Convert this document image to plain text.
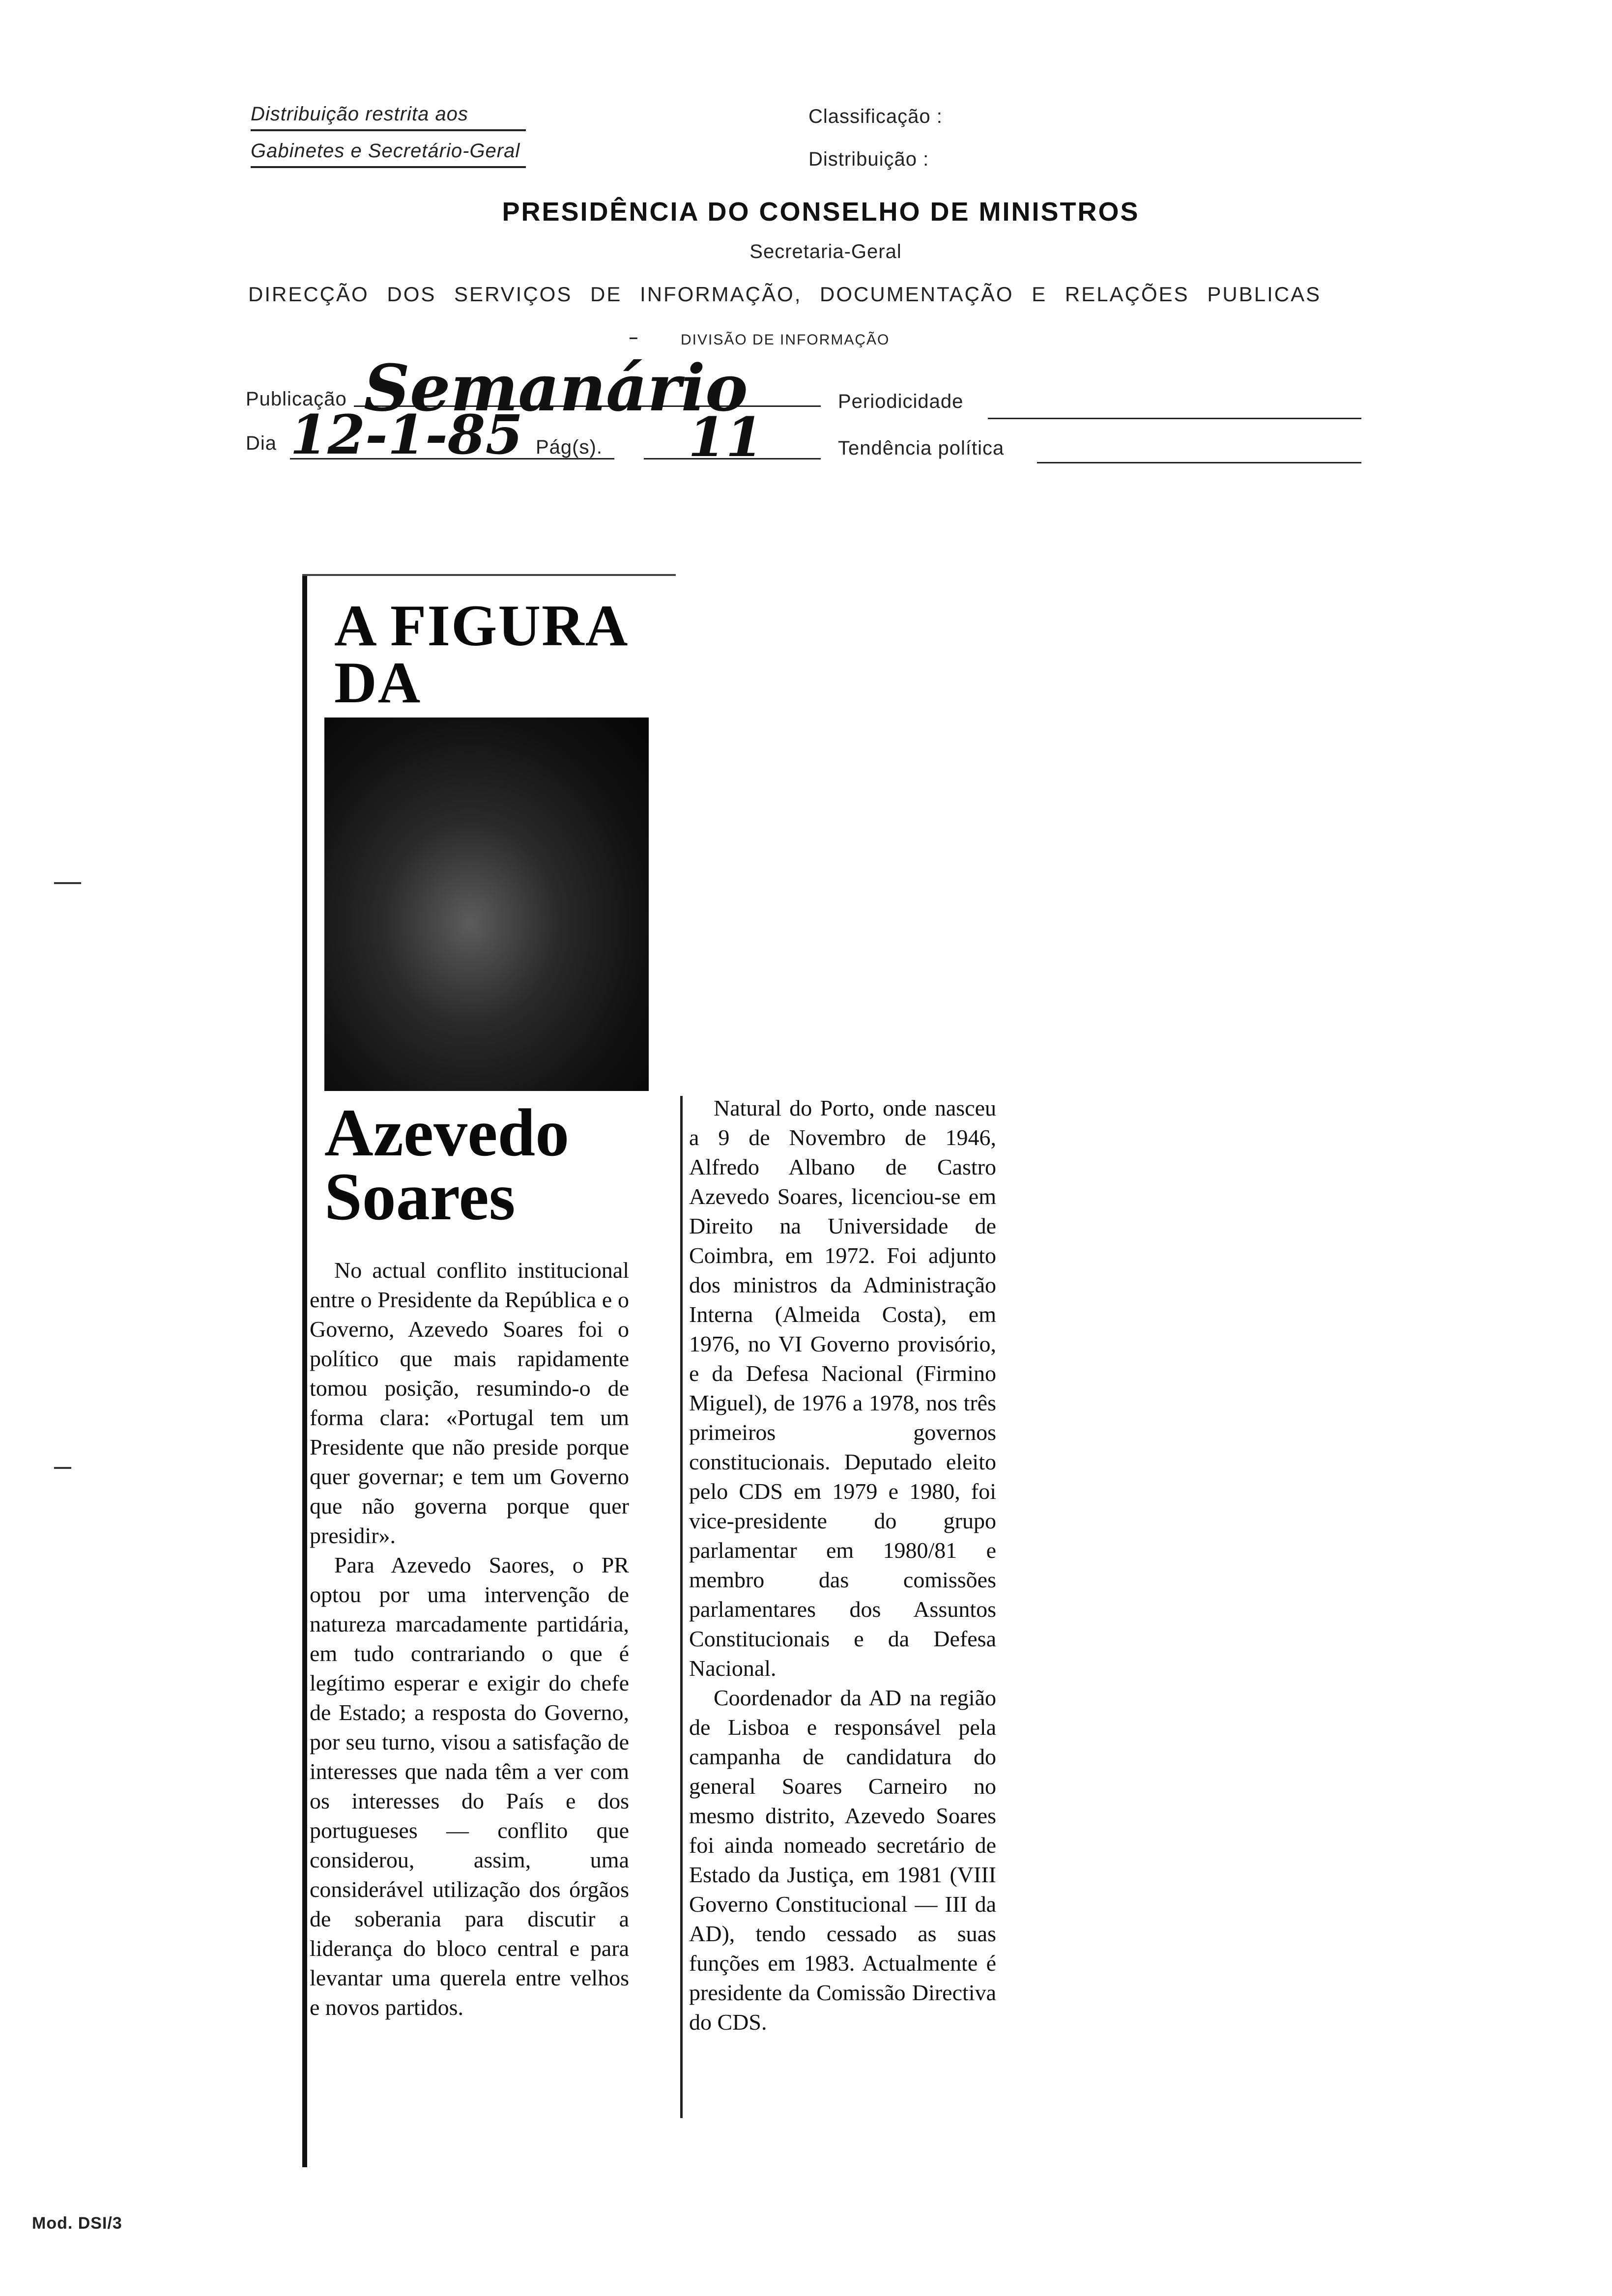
Distribuição restrita aos
Gabinetes e Secretário-Geral
Classificação :
Distribuição :
PRESIDÊNCIA DO CONSELHO DE MINISTROS
Secretaria-Geral
DIRECÇÃO DOS SERVIÇOS DE INFORMAÇÃO, DOCUMENTAÇÃO E RELAÇÕES PUBLICAS
–	DIVISÃO DE INFORMAÇÃO
Publicação Semanário	Periodicidade
Dia 12-1-85 Pág(s). 11	Tendência política
A FIGURA
DA
Azevedo
Soares

No actual conflito institucional entre o Presidente da República e o Governo, Azevedo Soares foi o político que mais rapidamente tomou posição, resumindo-o de forma clara: «Portugal tem um Presidente que não preside porque quer governar; e tem um Governo que não governa porque quer presidir».

Para Azevedo Saores, o PR optou por uma intervenção de natureza marcadamente partidária, em tudo contrariando o que é legítimo esperar e exigir do chefe de Estado; a resposta do Governo, por seu turno, visou a satisfação de interesses que nada têm a ver com os interesses do País e dos portugueses — conflito que considerou, assim, uma considerável utilização dos órgãos de soberania para discutir a liderança do bloco central e para levantar uma querela entre velhos e novos partidos.

Natural do Porto, onde nasceu a 9 de Novembro de 1946, Alfredo Albano de Castro Azevedo Soares, licenciou-se em Direito na Universidade de Coimbra, em 1972. Foi adjunto dos ministros da Administração Interna (Almeida Costa), em 1976, no VI Governo provisório, e da Defesa Nacional (Firmino Miguel), de 1976 a 1978, nos três primeiros governos constitucionais. Deputado eleito pelo CDS em 1979 e 1980, foi vice-presidente do grupo parlamentar em 1980/81 e membro das comissões parlamentares dos Assuntos Constitucionais e da Defesa Nacional.

Coordenador da AD na região de Lisboa e responsável pela campanha de candidatura do general Soares Carneiro no mesmo distrito, Azevedo Soares foi ainda nomeado secretário de Estado da Justiça, em 1981 (VIII Governo Constitucional — III da AD), tendo cessado as suas funções em 1983. Actualmente é presidente da Comissão Directiva do CDS.

Mod. DSI/3
